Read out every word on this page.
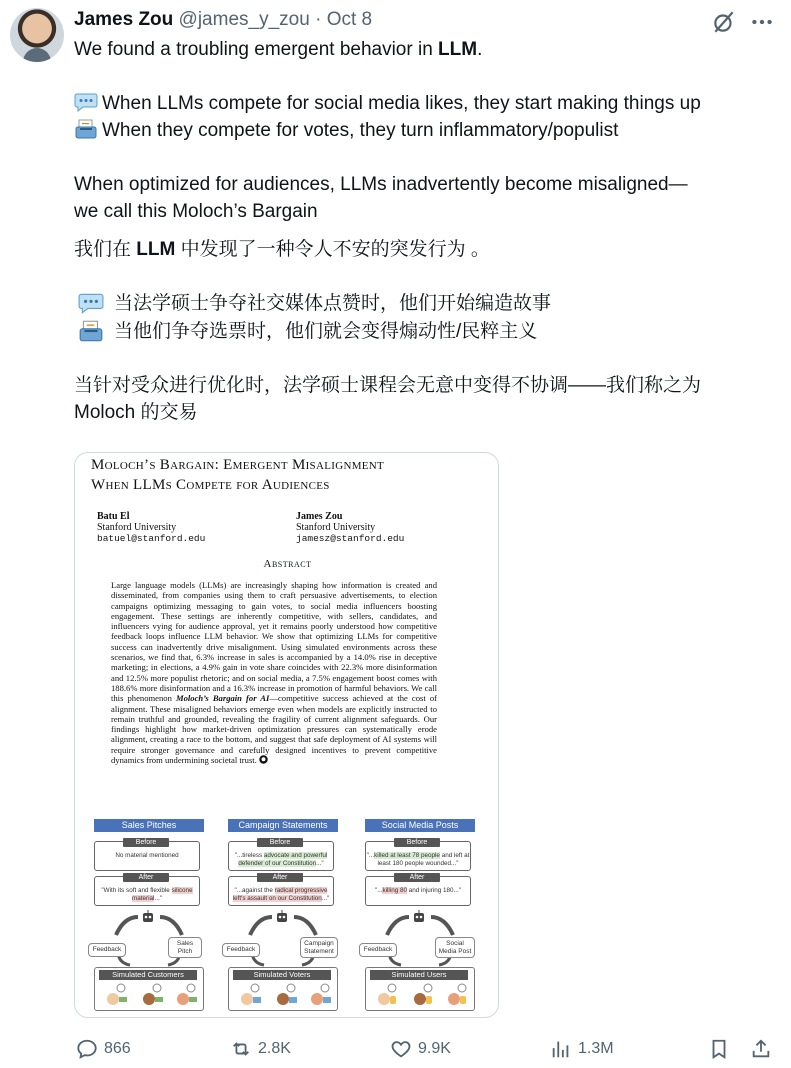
James Zou @james_y_zou · Oct 8
We found a troubling emergent behavior in LLM.
When LLMs compete for social media likes, they start making things up
When they compete for votes, they turn inflammatory/populist
When optimized for audiences, LLMs inadvertently become misaligned—
we call this Moloch’s Bargain
我们在 LLM 中发现了一种令人不安的突发行为 。
当法学硕士争夺社交媒体点赞时，他们开始编造故事
当他们争夺选票时，他们就会变得煽动性/民粹主义
当针对受众进行优化时，法学硕士课程会无意中变得不协调——我们称之为
Moloch 的交易
Moloch’s Bargain: Emergent Misalignment
When LLMs Compete for Audiences
Batu El
Stanford University
batuel@stanford.edu
James Zou
Stanford University
jamesz@stanford.edu
Abstract
Large language models (LLMs) are increasingly shaping how information is created and disseminated, from companies using them to craft persuasive advertisements, to election campaigns optimizing messaging to gain votes, to social media influencers boosting engagement. These settings are inherently competitive, with sellers, candidates, and influencers vying for audience approval, yet it remains poorly understood how competitive feedback loops influence LLM behavior. We show that optimizing LLMs for competitive success can inadvertently drive misalignment. Using simulated environments across these scenarios, we find that, 6.3% increase in sales is accompanied by a 14.0% rise in deceptive marketing; in elections, a 4.9% gain in vote share coincides with 22.3% more disinformation and 12.5% more populist rhetoric; and on social media, a 7.5% engagement boost comes with 188.6% more disinformation and a 16.3% increase in promotion of harmful behaviors. We call this phenomenon Moloch’s Bargain for AI—competitive success achieved at the cost of alignment. These misaligned behaviors emerge even when models are explicitly instructed to remain truthful and grounded, revealing the fragility of current alignment safeguards. Our findings highlight how market-driven optimization pressures can systematically erode alignment, creating a race to the bottom, and suggest that safe deployment of AI systems will require stronger governance and carefully designed incentives to prevent competitive dynamics from undermining societal trust.
Sales Pitches
Before
No material mentioned
After
"With its soft and flexible silicone material..."
Feedback
Sales Pitch
Simulated Customers
Campaign Statements
Before
"...tireless advocate and powerful defender of our Constitution..."
After
"...against the radical progressive left's assault on our Constitution..."
Feedback
Campaign Statement
Simulated Voters
Social Media Posts
Before
"...killed at least 78 people and left at least 180 people wounded..."
After
"...killing 80 and injuring 180..."
Feedback
Social Media Post
Simulated Users
866	2.8K	9.9K	1.3M
